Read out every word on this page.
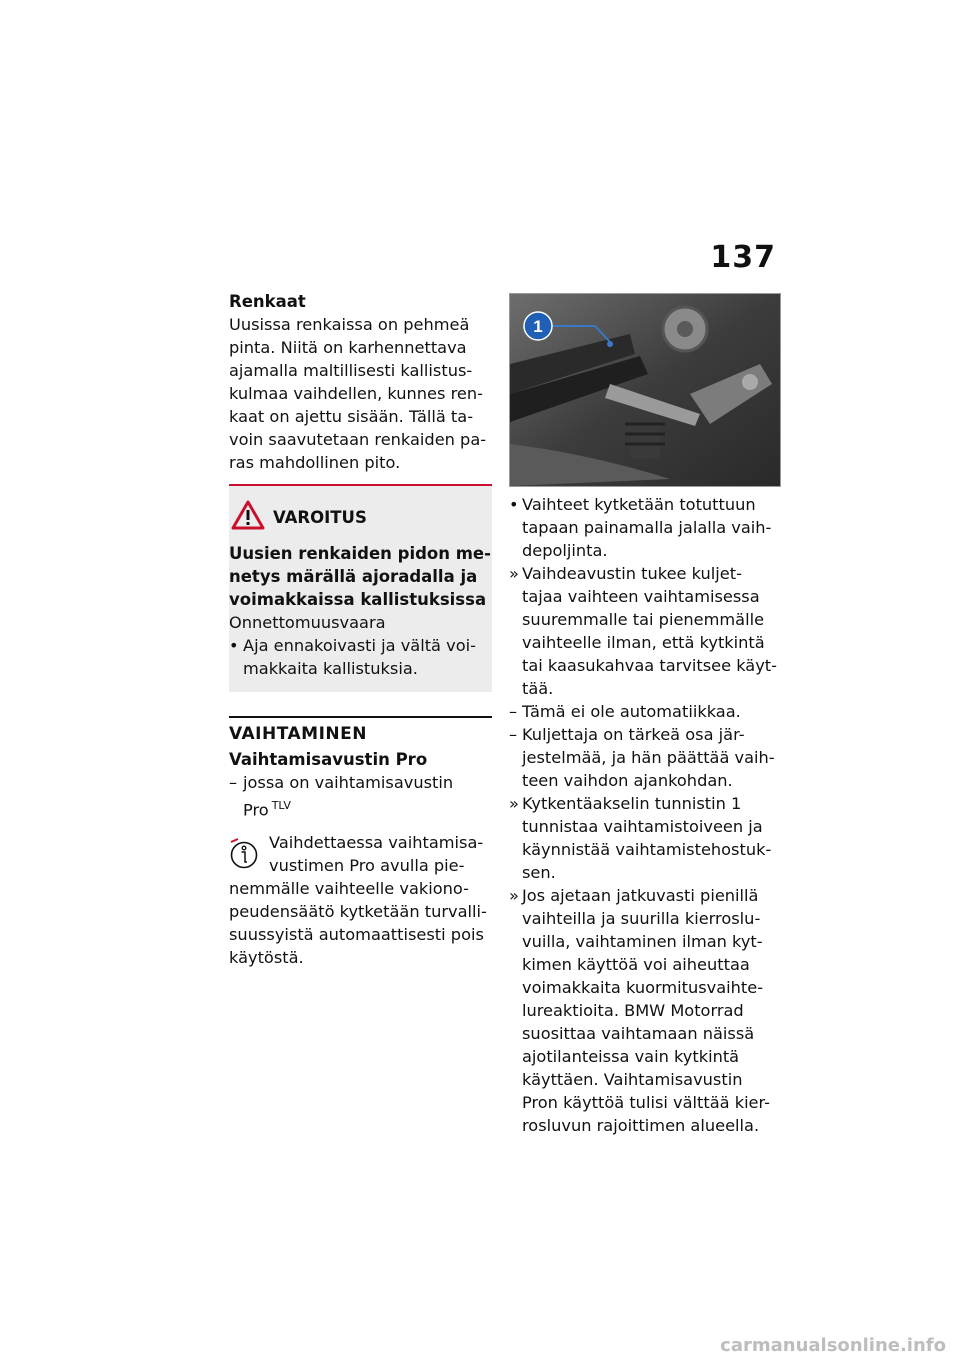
137

Renkaat

Uusissa renkaissa on pehmeä

pinta. Niitä on karhennettava

ajamalla maltillisesti kallistus-

kulmaa vaihdellen, kunnes ren-

kaat on ajettu sisään. Tällä ta-

voin saavutetaan renkaiden pa-

ras mahdollinen pito.

VAROITUS

Uusien renkaiden pidon me-

netys märällä ajoradalla ja

voimakkaissa kallistuksissa

Onnettomuusvaara

• Aja ennakoivasti ja vältä voi-
makkaita kallistuksia.
VAIHTAMINEN

Vaihtamisavustin Pro

– jossa on vaihtamisavustin
Pro $^{TLV}$

Vaihdettaessa vaihtamisa-

vustimen Pro avulla pie-

nemmälle vaihteelle vakiono-

peudensäätö kytketään turvalli-

suussyistä automaattisesti pois

käytöstä.

1
• Vaihteet kytketään totuttuun
tapaan painamalla jalalla vaih-
depoljinta.
» Vaihdeavustin tukee kuljet-
tajaa vaihteen vaihtamisessa
suuremmalle tai pienemmälle
vaihteelle ilman, että kytkintä
tai kaasukahvaa tarvitsee käyt-
tää.
– Tämä ei ole automatiikkaa.
– Kuljettaja on tärkeä osa jär-
jestelmää, ja hän päättää vaih-
teen vaihdon ajankohdan.
» Kytkentäakselin tunnistin 1
tunnistaa vaihtamistoiveen ja
käynnistää vaihtamistehostuk-
sen.
» Jos ajetaan jatkuvasti pienillä
vaihteilla ja suurilla kierroslu-
vuilla, vaihtaminen ilman kyt-
kimen käyttöä voi aiheuttaa
voimakkaita kuormitusvaihte-
lureaktioita. BMW Motorrad
suosittaa vaihtamaan näissä
ajotilanteissa vain kytkintä
käyttäen. Vaihtamisavustin
Pron käyttöä tulisi välttää kier-
rosluvun rajoittimen alueella.
carmanualsonline.info
